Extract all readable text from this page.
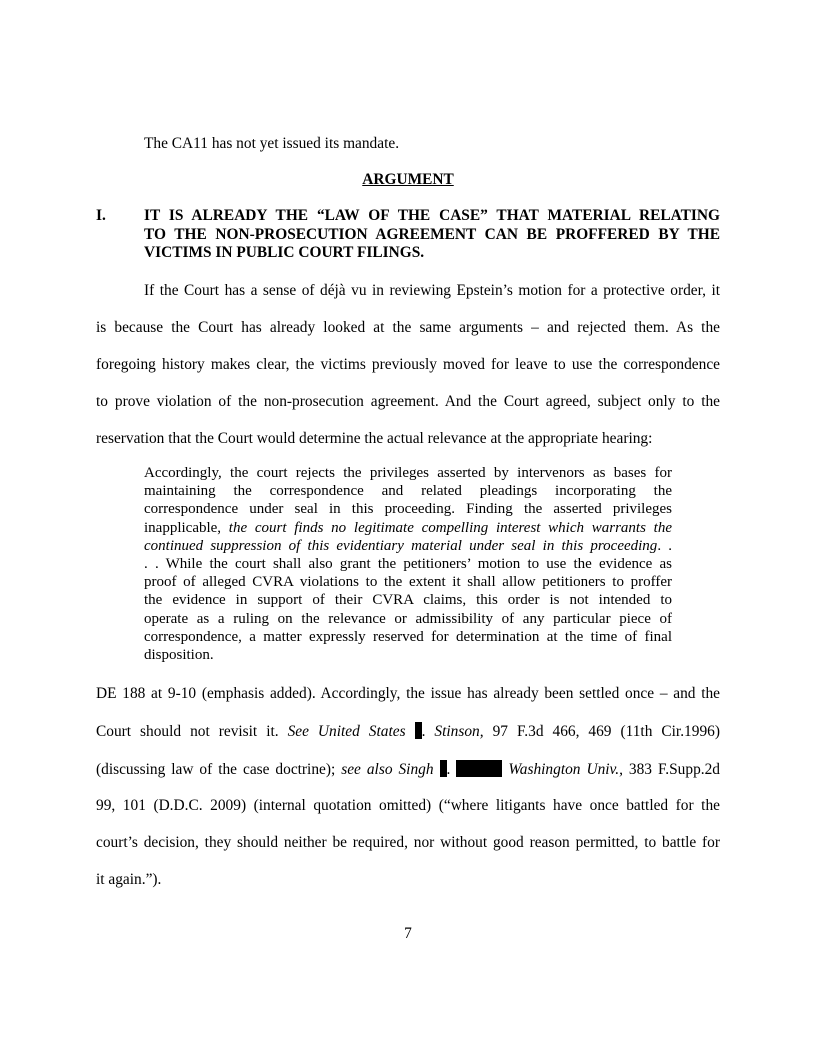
The CA11 has not yet issued its mandate.
ARGUMENT
I. IT IS ALREADY THE “LAW OF THE CASE” THAT MATERIAL RELATING
TO THE NON-PROSECUTION AGREEMENT CAN BE PROFFERED BY THE
VICTIMS IN PUBLIC COURT FILINGS.
If the Court has a sense of déjà vu in reviewing Epstein’s motion for a protective order, it
is because the Court has already looked at the same arguments – and rejected them. As the
foregoing history makes clear, the victims previously moved for leave to use the correspondence
to prove violation of the non-prosecution agreement. And the Court agreed, subject only to the
reservation that the Court would determine the actual relevance at the appropriate hearing:
Accordingly, the court rejects the privileges asserted by intervenors as bases for
maintaining the correspondence and related pleadings incorporating the
correspondence under seal in this proceeding. Finding the asserted privileges
inapplicable, the court finds no legitimate compelling interest which warrants the
continued suppression of this evidentiary material under seal in this proceeding. .
. . While the court shall also grant the petitioners’ motion to use the evidence as
proof of alleged CVRA violations to the extent it shall allow petitioners to proffer
the evidence in support of their CVRA claims, this order is not intended to
operate as a ruling on the relevance or admissibility of any particular piece of
correspondence, a matter expressly reserved for determination at the time of final
disposition.
DE 188 at 9-10 (emphasis added). Accordingly, the issue has already been settled once – and the
Court should not revisit it. See United States . Stinson, 97 F.3d 466, 469 (11th Cir.1996)
(discussing law of the case doctrine); see also Singh .	Washington Univ., 383 F.Supp.2d
99, 101 (D.D.C. 2009) (internal quotation omitted) (“where litigants have once battled for the
court’s decision, they should neither be required, nor without good reason permitted, to battle for
it again.”).
7
